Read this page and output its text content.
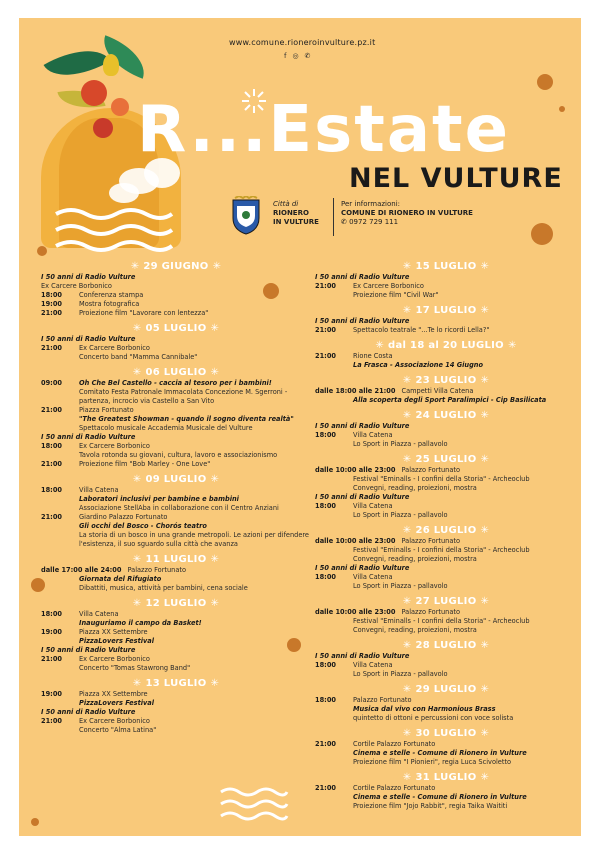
www.comune.rioneroinvulture.pz.it
f ◎ ✆
R...Estate
NEL VULTURE
Città di
RIONERO
IN VULTURE
Per informazioni:
COMUNE DI RIONERO IN VULTURE
✆ 0972 729 111
✳ 29 GIUGNO ✳
I 50 anni di Radio Vulture
Ex Carcere Borbonico
18:00	Conferenza stampa
19:00	Mostra fotografica
21:00	Proiezione film "Lavorare con lentezza"
✳ 05 LUGLIO ✳
I 50 anni di Radio Vulture
21:00	Ex Carcere Borbonico
Concerto band "Mamma Cannibale"
✳ 06 LUGLIO ✳
09:00	Oh Che Bel Castello - caccia al tesoro per i bambini!
Comitato Festa Patronale Immacolata Concezione M. Sgerroni - partenza, incrocio via Castello a San Vito
21:00	Piazza Fortunato
"The Greatest Showman - quando il sogno diventa realtà"
Spettacolo musicale Accademia Musicale del Vulture
I 50 anni di Radio Vulture
18:00	Ex Carcere Borbonico
Tavola rotonda su giovani, cultura, lavoro e associazionismo
21:00	Proiezione film "Bob Marley - One Love"
✳ 09 LUGLIO ✳
18:00	Villa Catena
Laboratori inclusivi per bambine e bambini
Associazione StellAba in collaborazione con il Centro Anziani
21:00	Giardino Palazzo Fortunato
Gli occhi del Bosco - Chorós teatro
La storia di un bosco in una grande metropoli. Le azioni per difendere l'esistenza, il suo sguardo sulla città che avanza
✳ 11 LUGLIO ✳
dalle 17:00 alle 24:00 Palazzo Fortunato
Giornata del Rifugiato
Dibattiti, musica, attività per bambini, cena sociale
✳ 12 LUGLIO ✳
18:00	Villa Catena
Inauguriamo il campo da Basket!
19:00	Piazza XX Settembre
PizzaLovers Festival
I 50 anni di Radio Vulture
21:00	Ex Carcere Borbonico
Concerto "Tomas Stawrong Band"
✳ 13 LUGLIO ✳
19:00	Piazza XX Settembre
PizzaLovers Festival
I 50 anni di Radio Vulture
21:00	Ex Carcere Borbonico
Concerto "Alma Latina"
✳ 15 LUGLIO ✳
I 50 anni di Radio Vulture
21:00	Ex Carcere Borbonico
Proiezione film "Civil War"
✳ 17 LUGLIO ✳
I 50 anni di Radio Vulture
21:00	Spettacolo teatrale "...Te lo ricordi Lella?"
✳ dal 18 al 20 LUGLIO ✳
21:00	Rione Costa
La Frasca - Associazione 14 Giugno
✳ 23 LUGLIO ✳
dalle 18:00 alle 21:00 Campetti Villa Catena
Alla scoperta degli Sport Paralimpici - Cip Basilicata
✳ 24 LUGLIO ✳
I 50 anni di Radio Vulture
18:00	Villa Catena
Lo Sport in Piazza - pallavolo
✳ 25 LUGLIO ✳
dalle 10:00 alle 23:00 Palazzo Fortunato
Festival "Eminalls - I confini della Storia" - Archeoclub
Convegni, reading, proiezioni, mostra
I 50 anni di Radio Vulture
18:00	Villa Catena
Lo Sport in Piazza - pallavolo
✳ 26 LUGLIO ✳
dalle 10:00 alle 23:00 Palazzo Fortunato
Festival "Eminalls - I confini della Storia" - Archeoclub
Convegni, reading, proiezioni, mostra
I 50 anni di Radio Vulture
18:00	Villa Catena
Lo Sport in Piazza - pallavolo
✳ 27 LUGLIO ✳
dalle 10:00 alle 23:00 Palazzo Fortunato
Festival "Eminalls - I confini della Storia" - Archeoclub
Convegni, reading, proiezioni, mostra
✳ 28 LUGLIO ✳
I 50 anni di Radio Vulture
18:00	Villa Catena
Lo Sport in Piazza - pallavolo
✳ 29 LUGLIO ✳
18:00	Palazzo Fortunato
Musica dal vivo con Harmonious Brass
quintetto di ottoni e percussioni con voce solista
✳ 30 LUGLIO ✳
21:00	Cortile Palazzo Fortunato
Cinema e stelle - Comune di Rionero in Vulture
Proiezione film "I Pionieri", regia Luca Scivoletto
✳ 31 LUGLIO ✳
21:00	Cortile Palazzo Fortunato
Cinema e stelle - Comune di Rionero in Vulture
Proiezione film "Jojo Rabbit", regia Taika Waititi
